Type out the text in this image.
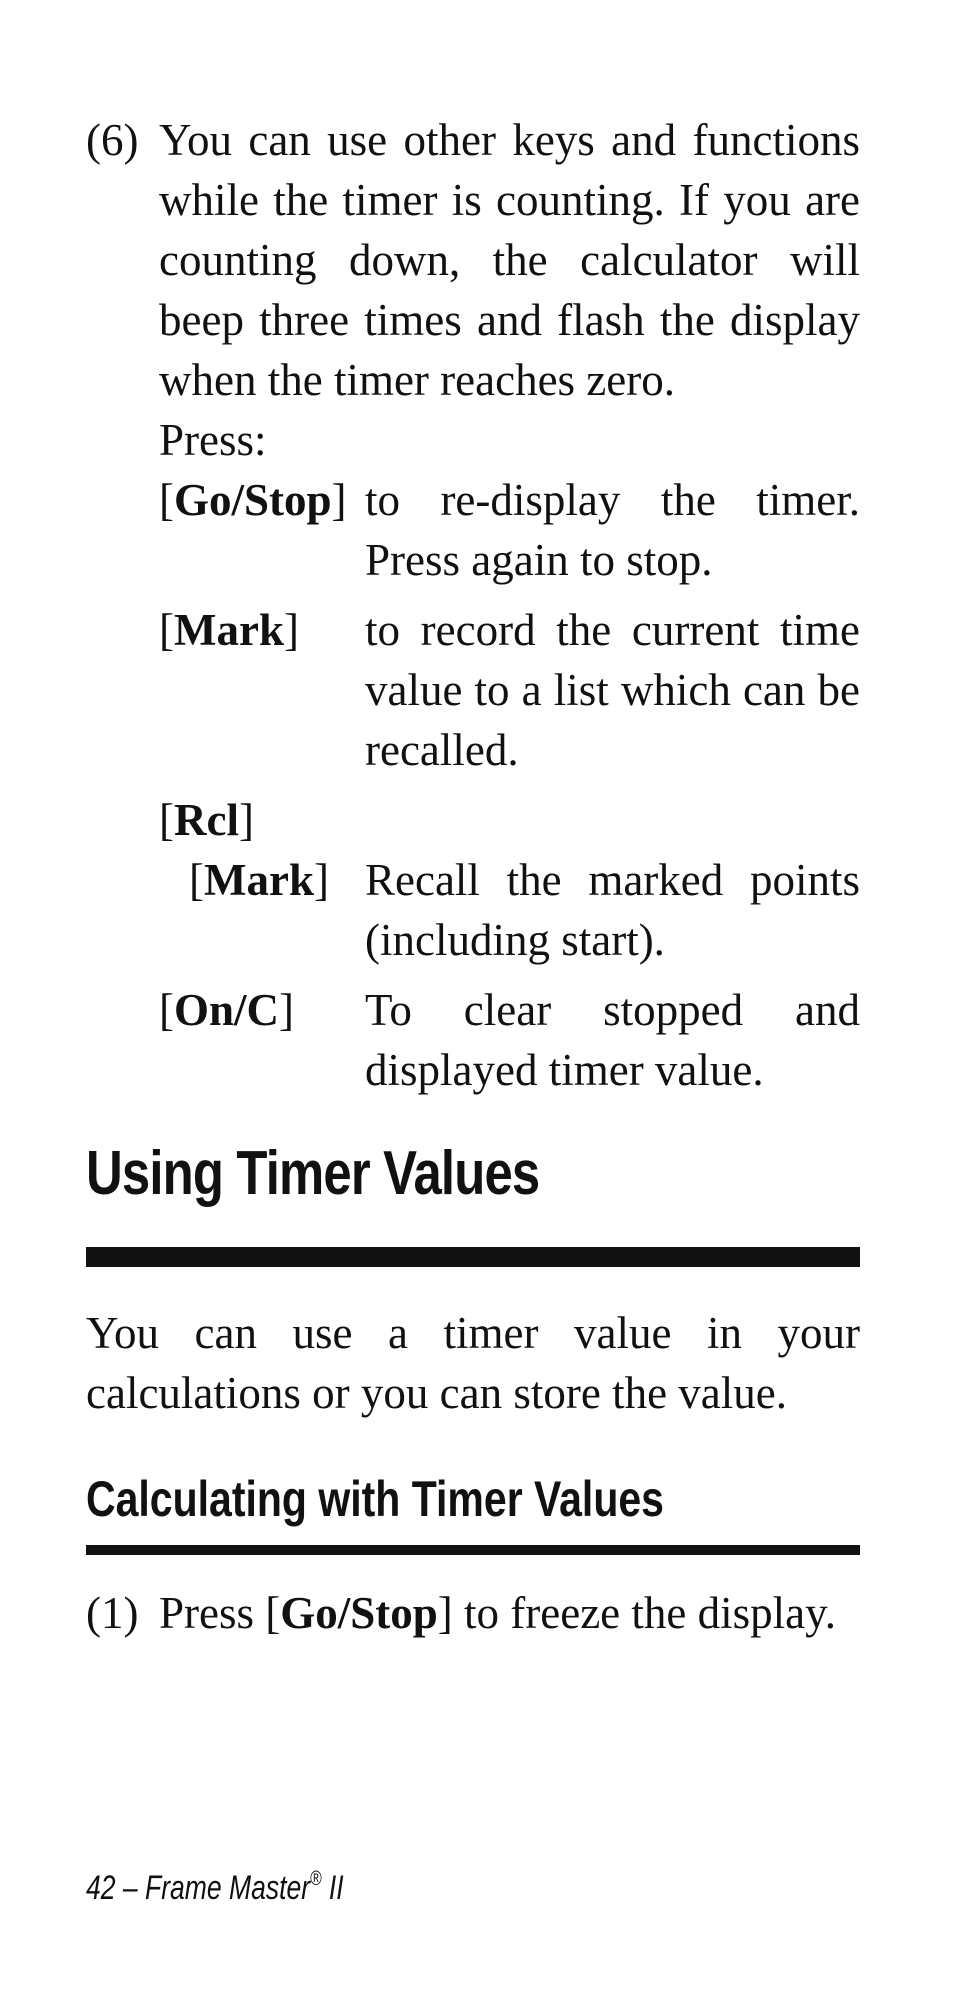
(6) You can use other keys and functions while the timer is counting. If you are counting down, the calculator will beep three times and flash the display when the timer reaches zero.

Press:

[Go/Stop] to re-display the timer. Press again to stop.
[Mark] to record the current time value to a list which can be recalled.
[Rcl]
[Mark] Recall the marked points (including start).
[On/C] To clear stopped and displayed timer value.
Using Timer Values

You can use a timer value in your calculations or you can store the value.

Calculating with Timer Values
(1) Press [Go/Stop] to freeze the display.

42 – Frame Master® II
